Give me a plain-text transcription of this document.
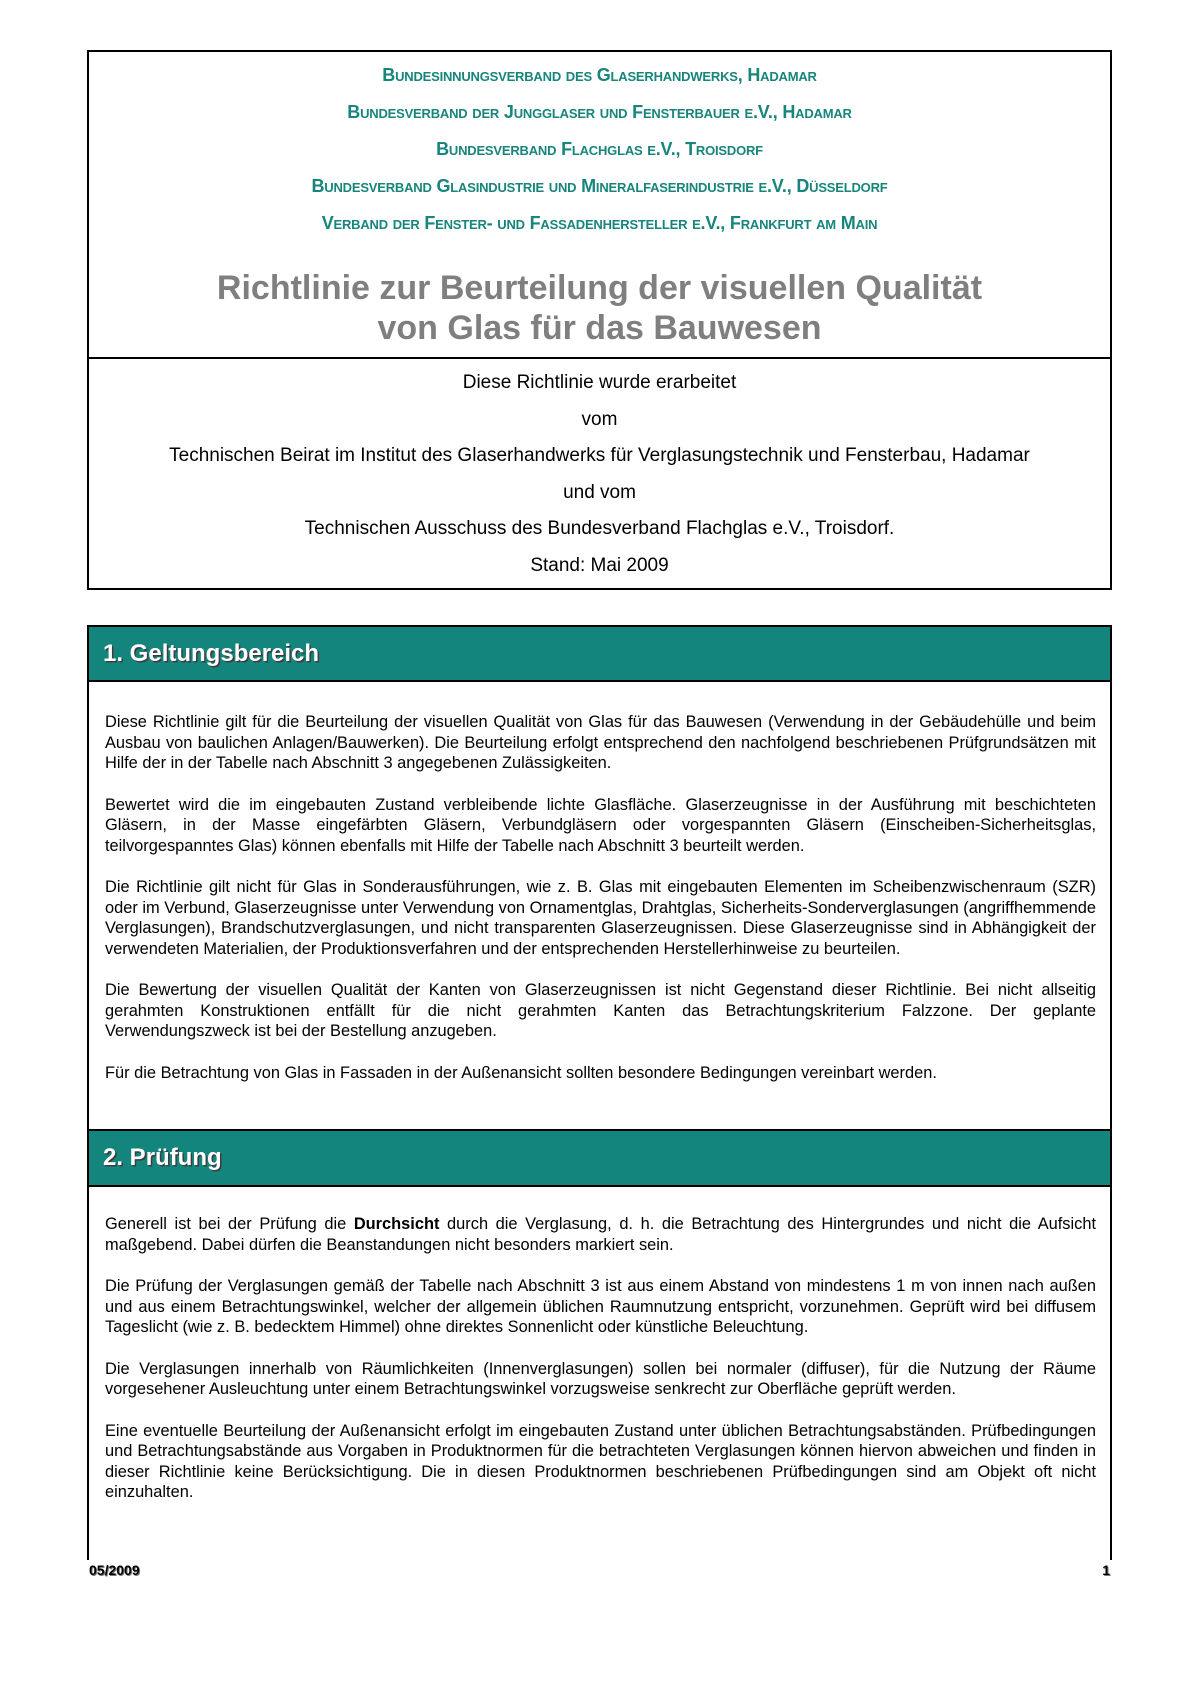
Bundesinnungsverband des Glaserhandwerks, Hadamar
Bundesverband der Jungglaser und Fensterbauer e.V., Hadamar
Bundesverband Flachglas e.V., Troisdorf
Bundesverband Glasindustrie und Mineralfaserindustrie e.V., Düsseldorf
Verband der Fenster- und Fassadenhersteller e.V., Frankfurt am Main
Richtlinie zur Beurteilung der visuellen Qualität
von Glas für das Bauwesen
Diese Richtlinie wurde erarbeitet
vom
Technischen Beirat im Institut des Glaserhandwerks für Verglasungstechnik und Fensterbau, Hadamar
und vom
Technischen Ausschuss des Bundesverband Flachglas e.V., Troisdorf.
Stand: Mai 2009
1. Geltungsbereich

Diese Richtlinie gilt für die Beurteilung der visuellen Qualität von Glas für das Bauwesen (Verwendung in der Gebäudehülle und beim Ausbau von baulichen Anlagen/Bauwerken). Die Beurteilung erfolgt entsprechend den nachfolgend beschriebenen Prüfgrundsätzen mit Hilfe der in der Tabelle nach Abschnitt 3 angegebenen Zulässigkeiten.

Bewertet wird die im eingebauten Zustand verbleibende lichte Glasfläche. Glaserzeugnisse in der Ausführung mit beschichteten Gläsern, in der Masse eingefärbten Gläsern, Verbundgläsern oder vorgespannten Gläsern (Einscheiben-Sicherheitsglas, teilvorgespanntes Glas) können ebenfalls mit Hilfe der Tabelle nach Abschnitt 3 beurteilt werden.

Die Richtlinie gilt nicht für Glas in Sonderausführungen, wie z. B. Glas mit eingebauten Elementen im Scheibenzwischenraum (SZR) oder im Verbund, Glaserzeugnisse unter Verwendung von Ornamentglas, Drahtglas, Sicherheits-Sonderverglasungen (angriffhemmende Verglasungen), Brandschutzverglasungen, und nicht transparenten Glaserzeugnissen. Diese Glaserzeugnisse sind in Abhängigkeit der verwendeten Materialien, der Produktionsverfahren und der entsprechenden Herstellerhinweise zu beurteilen.

Die Bewertung der visuellen Qualität der Kanten von Glaserzeugnissen ist nicht Gegenstand dieser Richtlinie. Bei nicht allseitig gerahmten Konstruktionen entfällt für die nicht gerahmten Kanten das Betrachtungskriterium Falzzone. Der geplante Verwendungszweck ist bei der Bestellung anzugeben.

Für die Betrachtung von Glas in Fassaden in der Außenansicht sollten besondere Bedingungen vereinbart werden.

2. Prüfung

Generell ist bei der Prüfung die Durchsicht durch die Verglasung, d. h. die Betrachtung des Hintergrundes und nicht die Aufsicht maßgebend. Dabei dürfen die Beanstandungen nicht besonders markiert sein.

Die Prüfung der Verglasungen gemäß der Tabelle nach Abschnitt 3 ist aus einem Abstand von mindestens 1 m von innen nach außen und aus einem Betrachtungswinkel, welcher der allgemein üblichen Raumnutzung entspricht, vorzunehmen. Geprüft wird bei diffusem Tageslicht (wie z. B. bedecktem Himmel) ohne direktes Sonnenlicht oder künstliche Beleuchtung.

Die Verglasungen innerhalb von Räumlichkeiten (Innenverglasungen) sollen bei normaler (diffuser), für die Nutzung der Räume vorgesehener Ausleuchtung unter einem Betrachtungswinkel vorzugsweise senkrecht zur Oberfläche geprüft werden.

Eine eventuelle Beurteilung der Außenansicht erfolgt im eingebauten Zustand unter üblichen Betrachtungsabständen. Prüfbedingungen und Betrachtungsabstände aus Vorgaben in Produktnormen für die betrachteten Verglasungen können hiervon abweichen und finden in dieser Richtlinie keine Berücksichtigung. Die in diesen Produktnormen beschriebenen Prüfbedingungen sind am Objekt oft nicht einzuhalten.

05/2009	1
